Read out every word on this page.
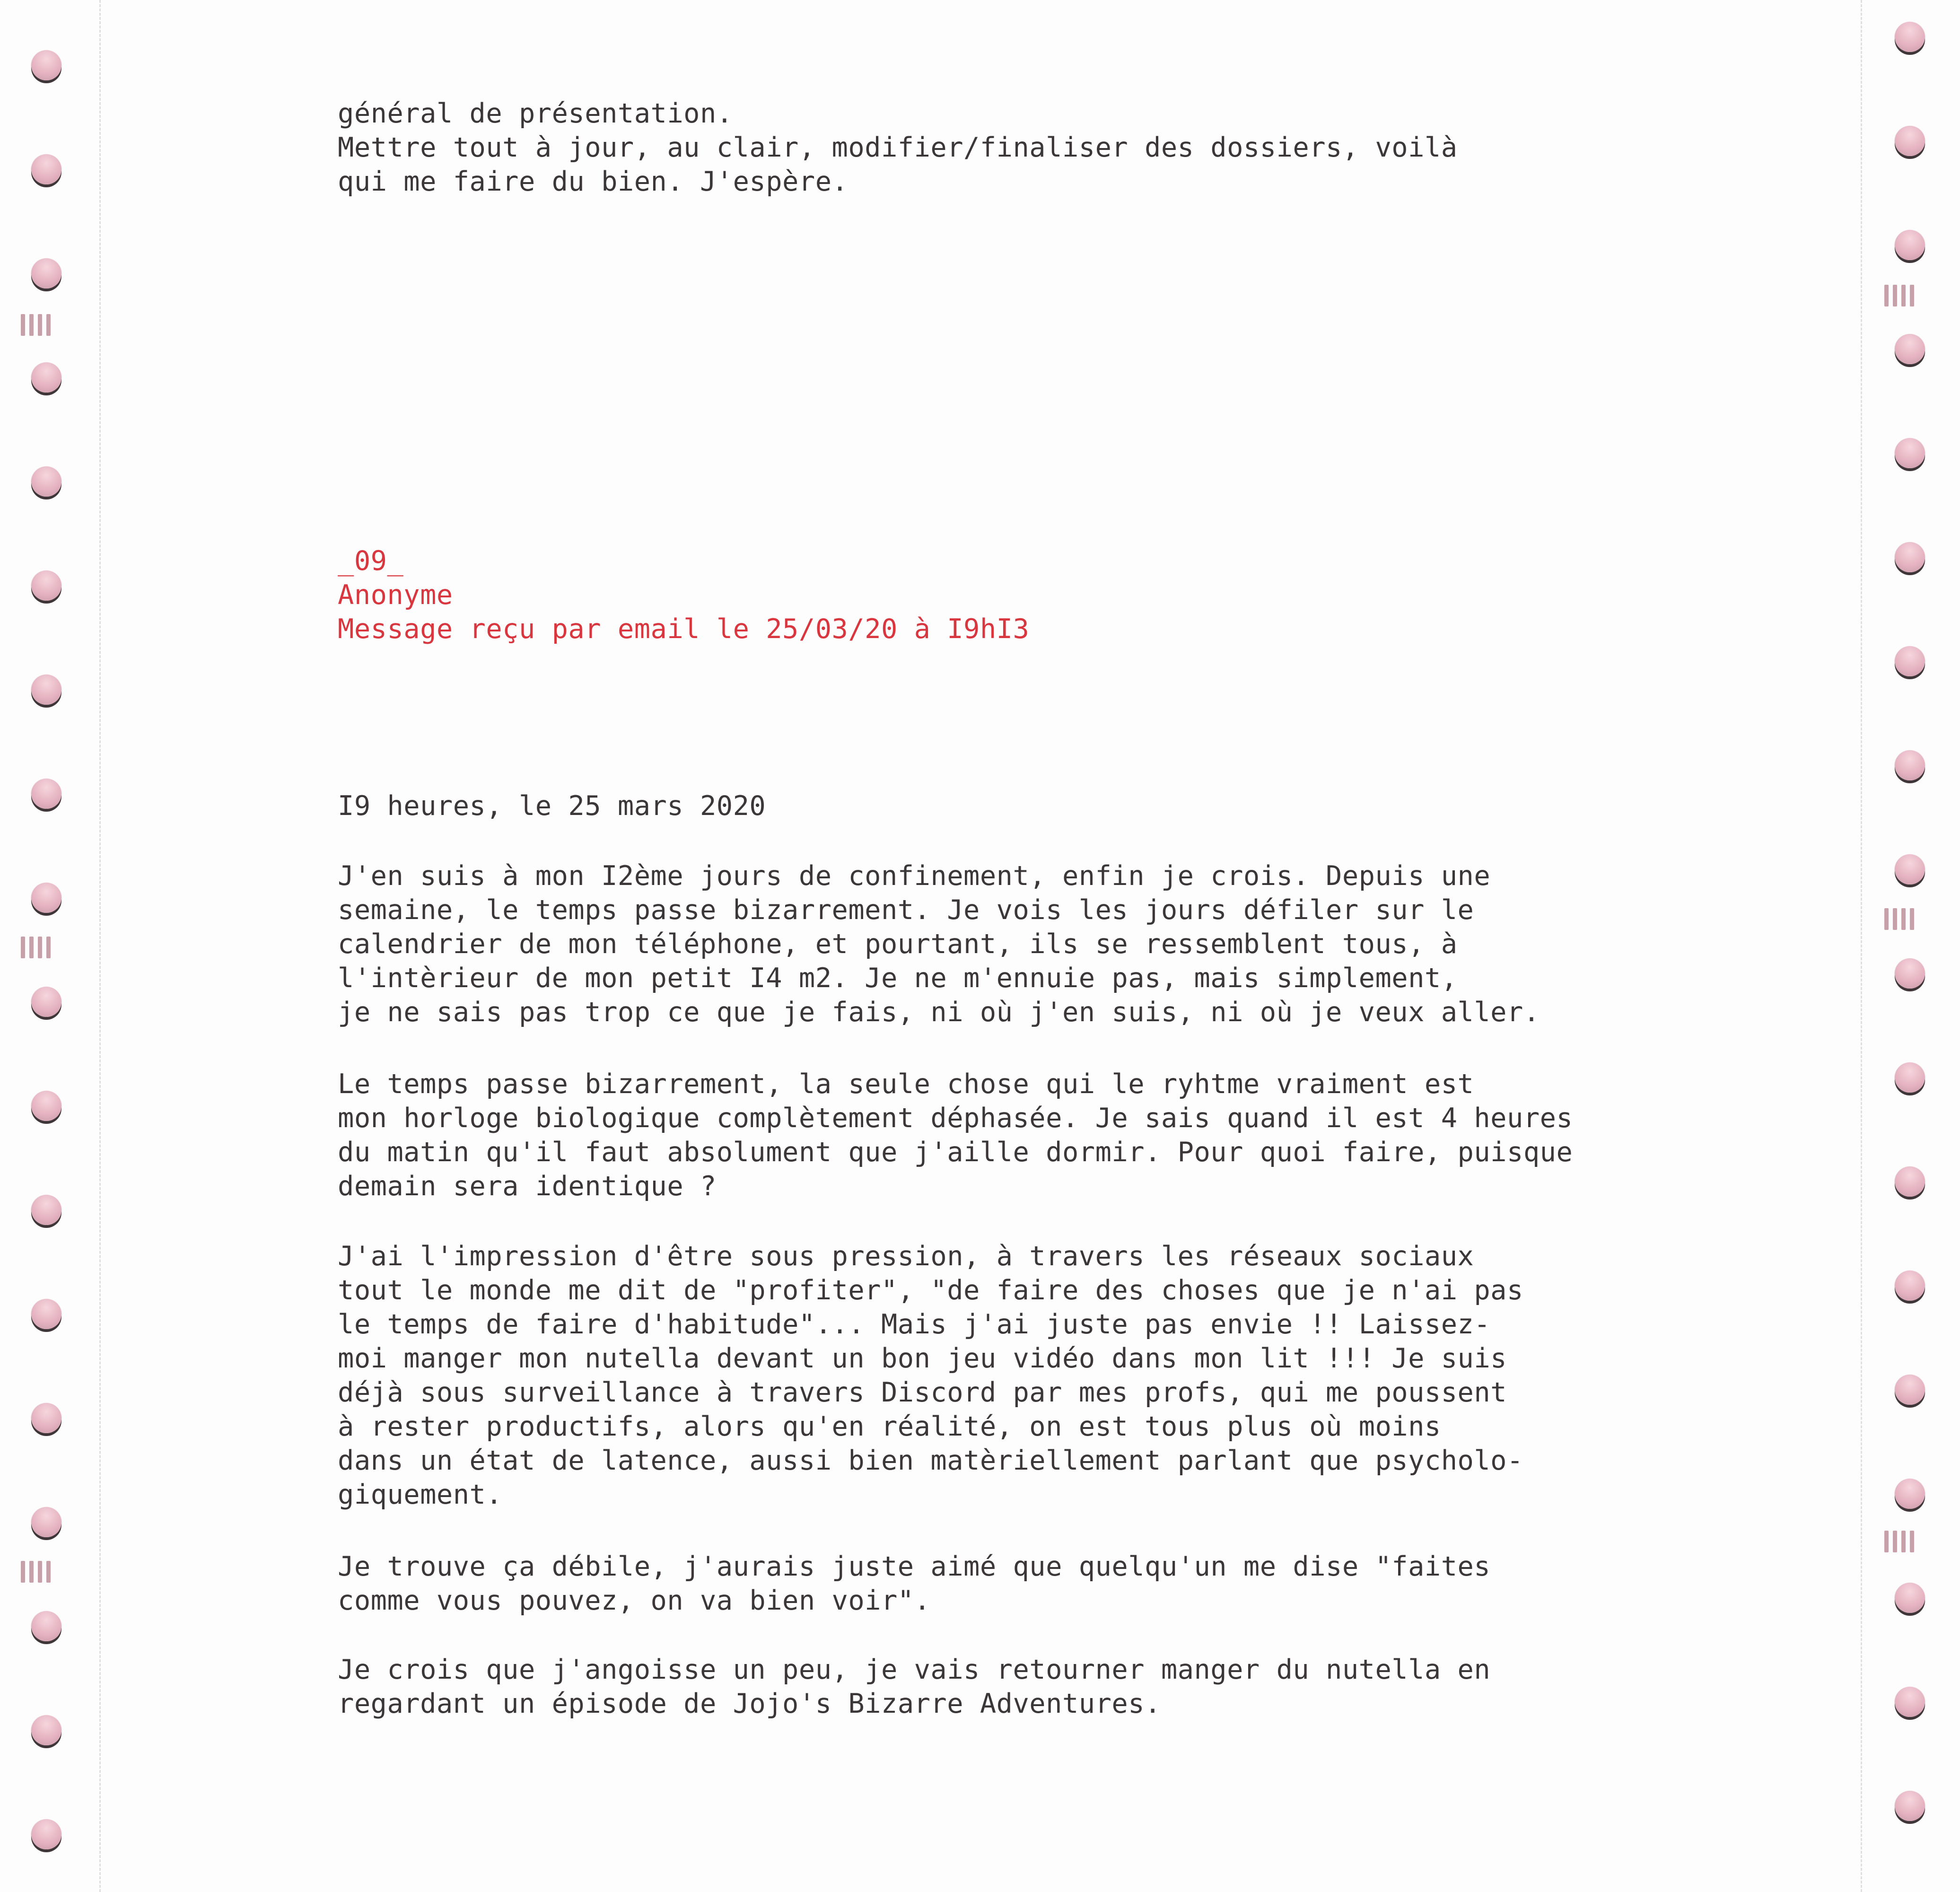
général de présentation.
Mettre tout à jour, au clair, modifier/finaliser des dossiers, voilà
qui me faire du bien. J'espère.

_09_
Anonyme
Message reçu par email le 25/03/20 à I9hI3

I9 heures, le 25 mars 2020

J'en suis à mon I2ème jours de confinement, enfin je crois. Depuis une
semaine, le temps passe bizarrement. Je vois les jours défiler sur le
calendrier de mon téléphone, et pourtant, ils se ressemblent tous, à
l'intèrieur de mon petit I4 m2. Je ne m'ennuie pas, mais simplement,
je ne sais pas trop ce que je fais, ni où j'en suis, ni où je veux aller.

Le temps passe bizarrement, la seule chose qui le ryhtme vraiment est
mon horloge biologique complètement déphasée. Je sais quand il est 4 heures
du matin qu'il faut absolument que j'aille dormir. Pour quoi faire, puisque
demain sera identique ?

J'ai l'impression d'être sous pression, à travers les réseaux sociaux
tout le monde me dit de "profiter", "de faire des choses que je n'ai pas
le temps de faire d'habitude"... Mais j'ai juste pas envie !! Laissez-
moi manger mon nutella devant un bon jeu vidéo dans mon lit !!! Je suis
déjà sous surveillance à travers Discord par mes profs, qui me poussent
à rester productifs, alors qu'en réalité, on est tous plus où moins
dans un état de latence, aussi bien matèriellement parlant que psycholo-
giquement.

Je trouve ça débile, j'aurais juste aimé que quelqu'un me dise "faites
comme vous pouvez, on va bien voir".

Je crois que j'angoisse un peu, je vais retourner manger du nutella en
regardant un épisode de Jojo's Bizarre Adventures.
